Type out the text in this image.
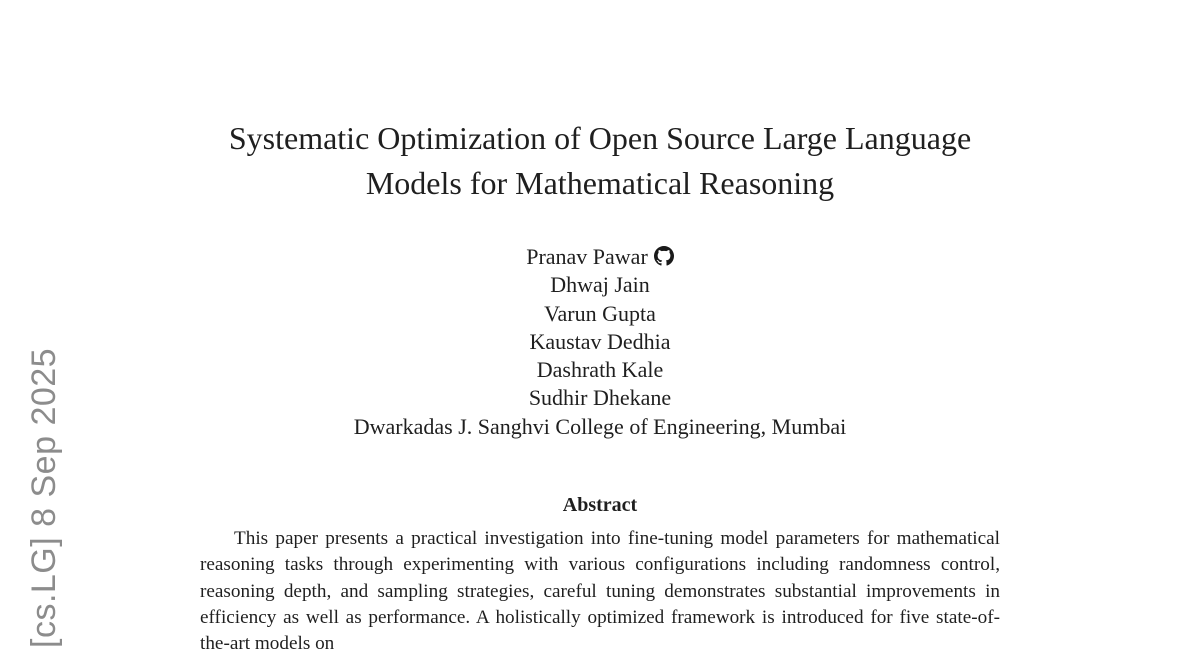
[cs.LG] 8 Sep 2025
Systematic Optimization of Open Source Large Language
Models for Mathematical Reasoning
Pranav Pawar
Dhwaj Jain
Varun Gupta
Kaustav Dedhia
Dashrath Kale
Sudhir Dhekane
Dwarkadas J. Sanghvi College of Engineering, Mumbai
Abstract

This paper presents a practical investigation into fine-tuning model parameters for mathematical reasoning tasks through experimenting with various configurations including randomness control, reasoning depth, and sampling strategies, careful tuning demonstrates substantial improvements in efficiency as well as performance. A holistically optimized framework is introduced for five state-of-the-art models on
